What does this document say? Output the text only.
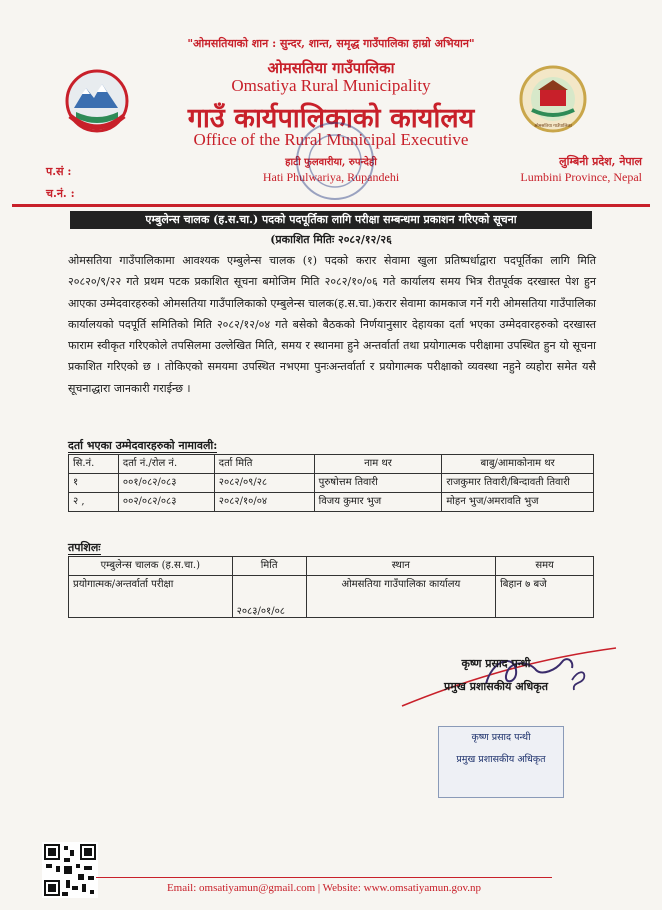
"ओमसतियाको शान : सुन्दर, शान्त, समृद्ध गाउँपालिका हाम्रो अभियान"
ओमसतिया गाउँपालिका
ओमसतिया गाउँपालिका
Omsatiya Rural Municipality
गाउँ कार्यपालिकाको कार्यालय
Office of the Rural Municipal Executive
हाटी फुलवारीया, रुपन्देही
Hati Phulwariya, Rupandehi
लुम्बिनी प्रदेश, नेपाल
Lumbini Province, Nepal
प.सं :
च.नं. :
एम्बुलेन्स चालक (ह.स.चा.) पदको पदपूर्तिका लागि परीक्षा सम्बन्धमा प्रकाशन गरिएको सूचना
(प्रकाशित मितिः २०८२/१२/२६
ओमसतिया गाउँपालिकामा आवश्यक एम्बुलेन्स चालक (१) पदको करार सेवामा खुला प्रतिष्पर्धाद्वारा पदपूर्तिका लागि मिति २०८२०/९/२२ गते प्रथम पटक प्रकाशित सूचना बमोजिम मिति २०८२/१०/०६ गते कार्यालय समय भित्र रीतपूर्वक दरखास्त पेश हुन आएका उम्मेदवारहरुको ओमसतिया गाउँपालिकाको एम्बुलेन्स चालक(ह.स.चा.)करार सेवामा कामकाज गर्ने गरी ओमसतिया गाउँपालिका कार्यालयको पदपूर्ति समितिको मिति २०८२/१२/०४ गते बसेको बैठकको निर्णयानुसार देहायका दर्ता भएका उम्मेदवारहरुको दरखास्त फाराम स्वीकृत गरिएकोले तपसिलमा उल्लेखित मिति, समय र स्थानमा हुने अन्तर्वार्ता तथा प्रयोगात्मक परीक्षामा उपस्थित हुन यो सूचना प्रकाशित गरिएको छ । तोकिएको समयमा उपस्थित नभएमा पुनःअन्तर्वार्ता र प्रयोगात्मक परीक्षाको व्यवस्था नहुने व्यहोरा समेत यसै सूचनाद्धारा जानकारी गराईन्छ ।
दर्ता भएका उम्मेदवारहरुको नामावली:
सि.नं.	दर्ता नं./रोल नं.	दर्ता मिति	नाम थर	बाबु/आमाकोनाम थर
१	००१/०८२/०८३	२०८२/०९/२८	पुरुषोत्तम तिवारी	राजकुमार तिवारी/बिन्दावती तिवारी
२ ,	००२/०८२/०८३	२०८२/१०/०४	विजय कुमार भुज	मोहन भुज/अमरावति भुज
तपशिलः
एम्बुलेन्स चालक (ह.स.चा.)	मिति	स्थान	समय
प्रयोगात्मक/अन्तर्वार्ता परीक्षा	२०८३/०१/०८	ओमसतिया गाउँपालिका कार्यालय	बिहान ७ बजे
कृष्ण प्रसाद पन्थी
प्रमुख प्रशासकीय अधिकृत
कृष्ण प्रसाद पन्थी
प्रमुख प्रशासकीय अधिकृत
Email: omsatiyamun@gmail.com | Website: www.omsatiyamun.gov.np
